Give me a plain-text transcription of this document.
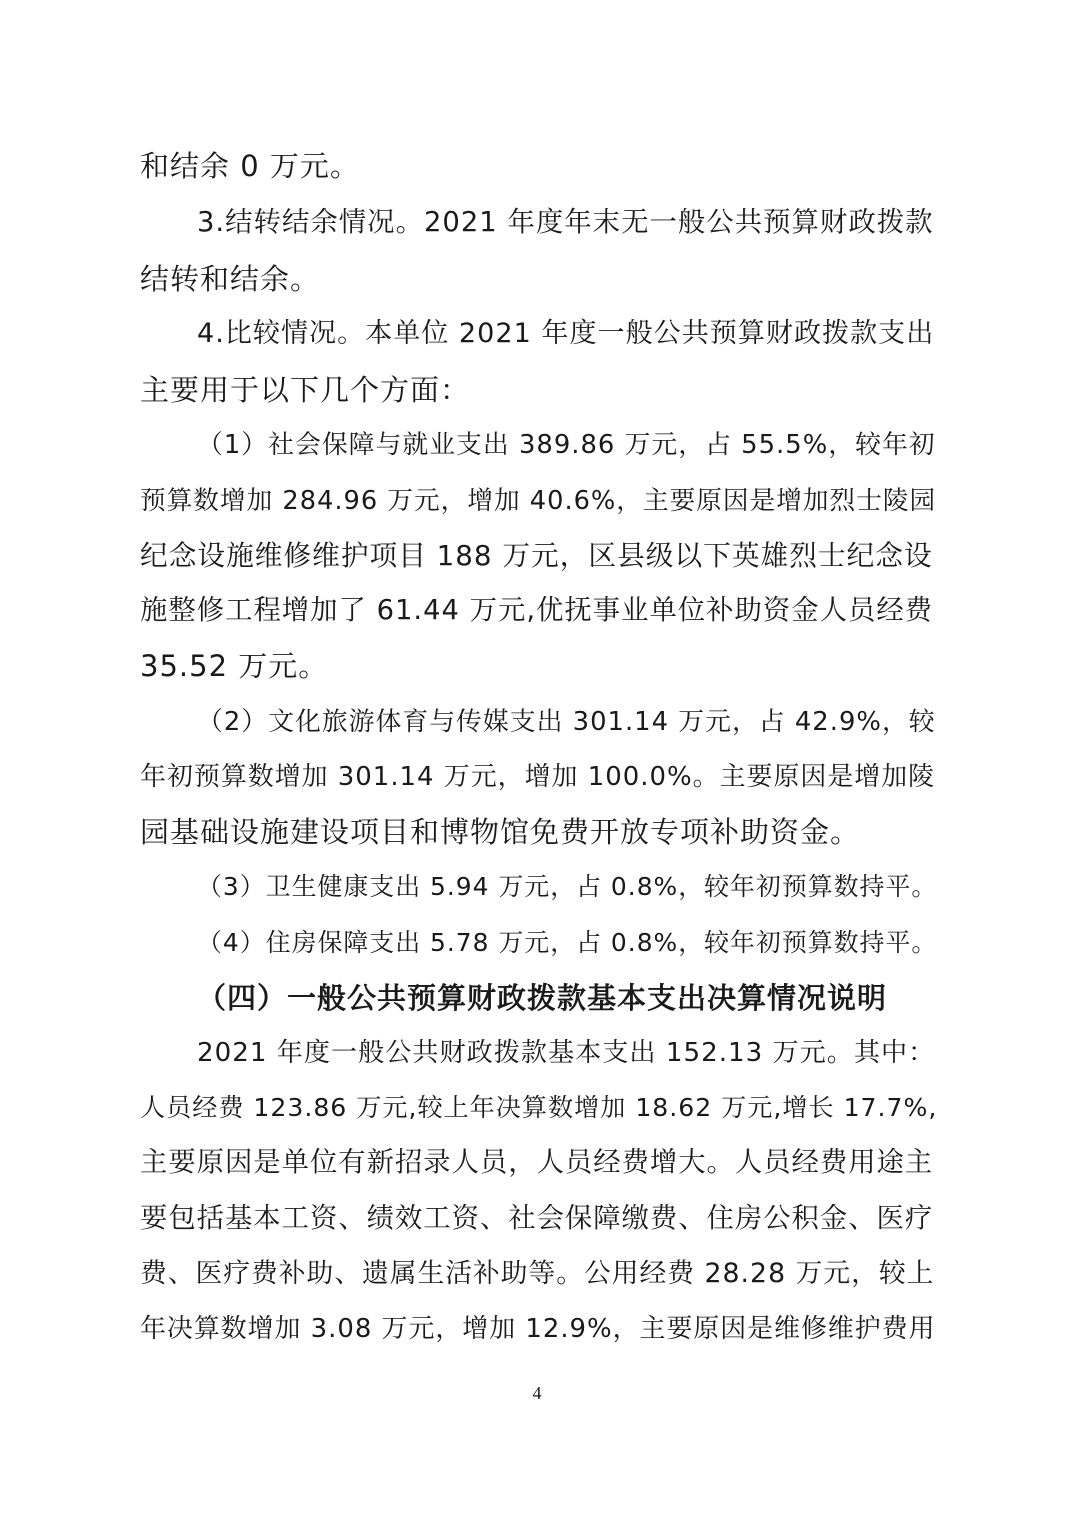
和结余 0 万元。
3.结转结余情况。2021 年度年末无一般公共预算财政拨款
结转和结余。
4.比较情况。本单位 2021 年度一般公共预算财政拨款支出
主要用于以下几个方面：
（1）社会保障与就业支出 389.86 万元，占 55.5%，较年初
预算数增加 284.96 万元，增加 40.6%，主要原因是增加烈士陵园
纪念设施维修维护项目 188 万元，区县级以下英雄烈士纪念设
施整修工程增加了 61.44 万元,优抚事业单位补助资金人员经费
35.52 万元。
（2）文化旅游体育与传媒支出 301.14 万元，占 42.9%，较
年初预算数增加 301.14 万元，增加 100.0%。主要原因是增加陵
园基础设施建设项目和博物馆免费开放专项补助资金。
（3）卫生健康支出 5.94 万元，占 0.8%，较年初预算数持平。
（4）住房保障支出 5.78 万元，占 0.8%，较年初预算数持平。
（四）一般公共预算财政拨款基本支出决算情况说明
2021 年度一般公共财政拨款基本支出 152.13 万元。其中：
人员经费 123.86 万元,较上年决算数增加 18.62 万元,增长 17.7%,
主要原因是单位有新招录人员，人员经费增大。人员经费用途主
要包括基本工资、绩效工资、社会保障缴费、住房公积金、医疗
费、医疗费补助、遗属生活补助等。公用经费 28.28 万元，较上
年决算数增加 3.08 万元，增加 12.9%，主要原因是维修维护费用
4
